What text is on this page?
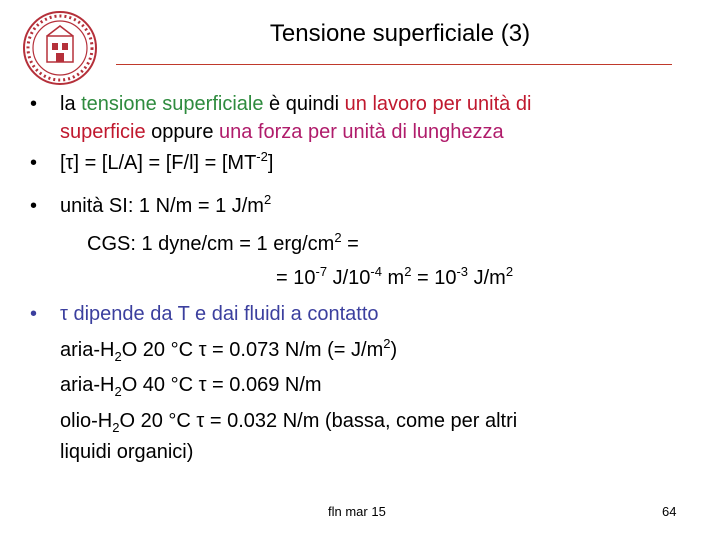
Tensione superficiale (3)
• la tensione superficiale è quindi un lavoro per unità di
superficie oppure una forza per unità di lunghezza
• $[\tau] = [L/A] = [F/l] = [MT^{-2}]$
• unità SI: 1 N/m = 1 $J/m^2$
CGS: 1 dyne/cm = 1 erg/$cm^2$ =
= $10^{-7}$ $J/10^{-4}$ $m^2 = 10^{-3}$ $J/m^2$
• τ dipende da T e dai fluidi a contatto
aria-$H_2O$ 20 °C τ = 0.073 N/m (= $J/m^2$)
aria-$H_2O$ 40 °C τ = 0.069 N/m
olio-$H_2O$ 20 °C τ = 0.032 N/m (bassa, come per altri
liquidi organici)
fln mar 15	64
